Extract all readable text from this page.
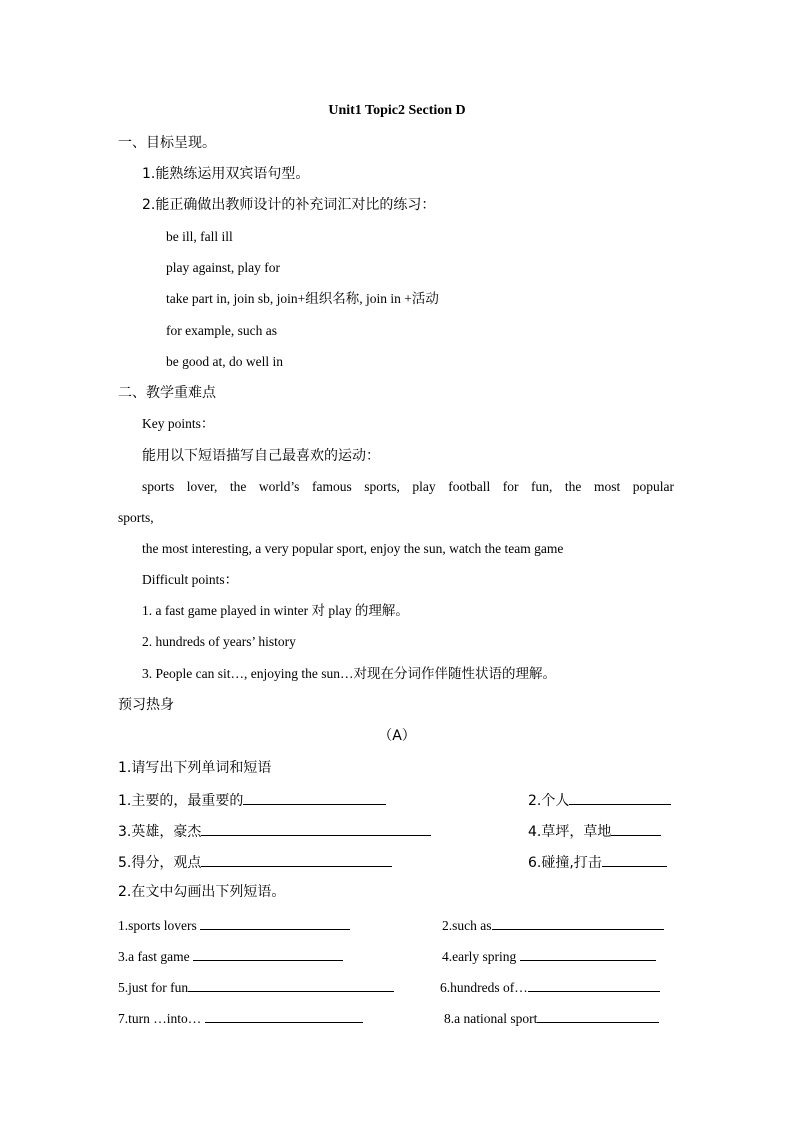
Unit1 Topic2 Section D
一、目标呈现。
1.能熟练运用双宾语句型。
2.能正确做出教师设计的补充词汇对比的练习：
be ill, fall ill
play against, play for
take part in, join sb, join+组织名称, join in +活动
for example, such as
be good at, do well in
二、教学重难点
Key points：
能用以下短语描写自己最喜欢的运动：
sports lover, the world’s famous sports, play football for fun, the most popular
sports,
the most interesting, a very popular sport, enjoy the sun, watch the team game
Difficult points：
1. a fast game played in winter 对 play 的理解。
2. hundreds of years’ history
3. People can sit…, enjoying the sun…对现在分词作伴随性状语的理解。
预习热身
（A）
1.请写出下列单词和短语
1.主要的，最重要的	2.个人
3.英雄，豪杰	4.草坪，草地
5.得分，观点	6.碰撞,打击
2.在文中勾画出下列短语。
1.sports lovers	2.such as
3.a fast game	4.early spring
5.just for fun	6.hundreds of…
7.turn …into…	8.a national sport
